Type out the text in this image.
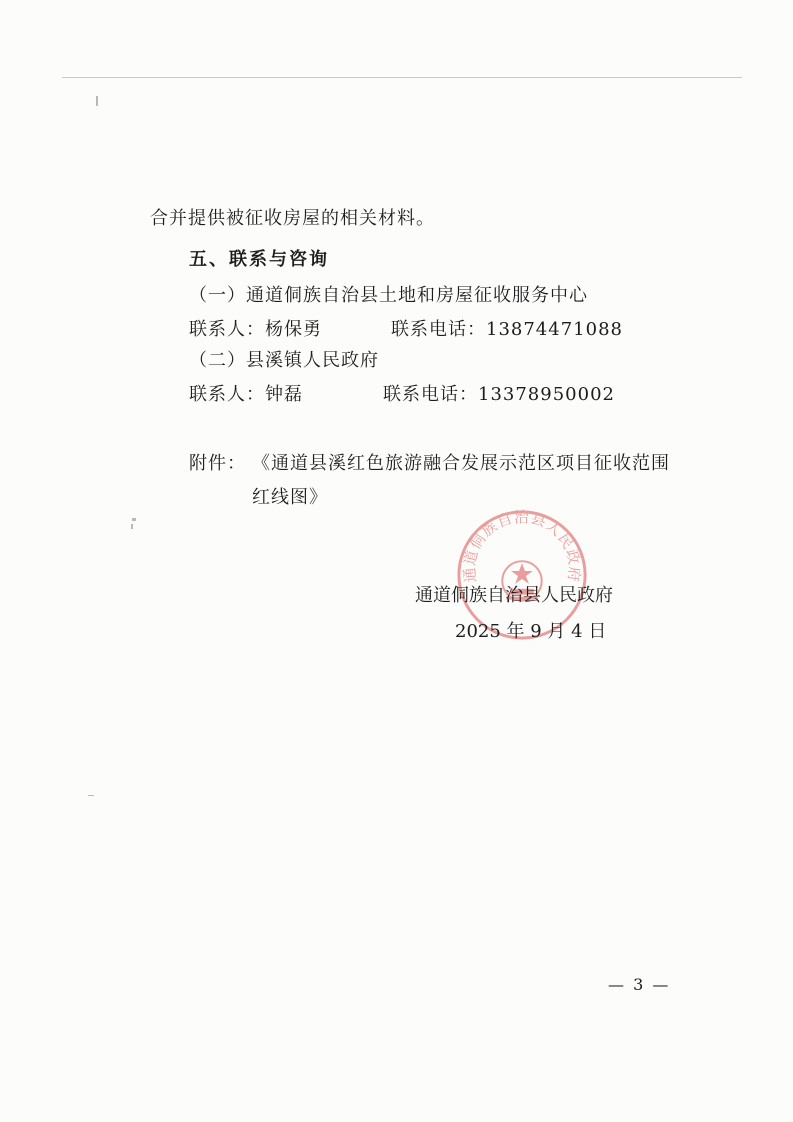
合并提供被征收房屋的相关材料。
五、联系与咨询
（一）通道侗族自治县土地和房屋征收服务中心
联系人：杨保勇	联系电话：13874471088
（二）县溪镇人民政府
联系人：钟磊	联系电话：13378950002
附件： 《通道县溪红色旅游融合发展示范区项目征收范围
红线图》
通道侗族自治县人民政府
通道侗族自治县人民政府
2025 年 9 月 4 日
— 3 —
